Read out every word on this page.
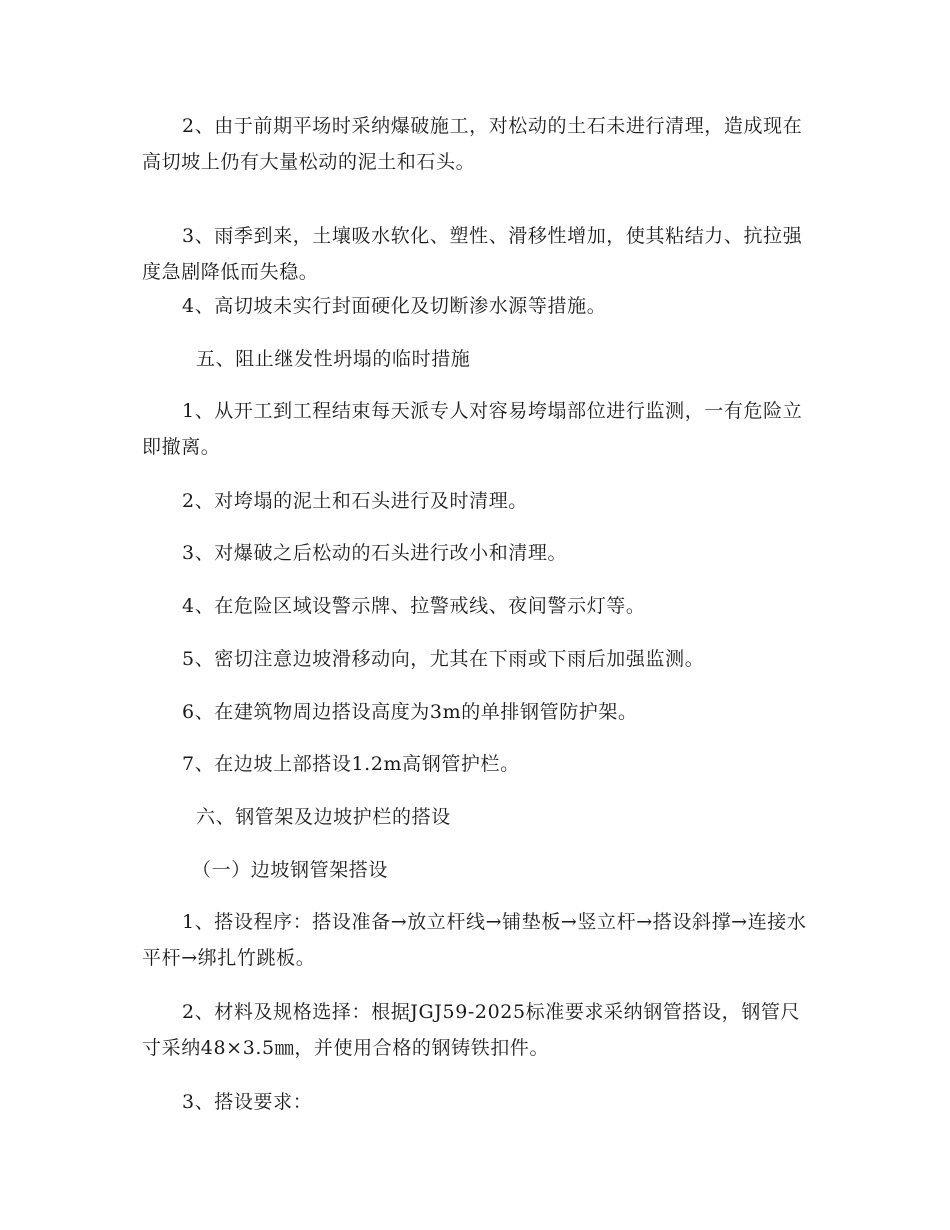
2、由于前期平场时采纳爆破施工，对松动的土石未进行清理，造成现在高切坡上仍有大量松动的泥土和石头。
3、雨季到来，土壤吸水软化、塑性、滑移性增加，使其粘结力、抗拉强度急剧降低而失稳。
4、高切坡未实行封面硬化及切断渗水源等措施。
五、阻止继发性坍塌的临时措施
1、从开工到工程结束每天派专人对容易垮塌部位进行监测，一有危险立即撤离。
2、对垮塌的泥土和石头进行及时清理。
3、对爆破之后松动的石头进行改小和清理。
4、在危险区域设警示牌、拉警戒线、夜间警示灯等。
5、密切注意边坡滑移动向，尤其在下雨或下雨后加强监测。
6、在建筑物周边搭设高度为3m的单排钢管防护架。
7、在边坡上部搭设1.2m高钢管护栏。
六、钢管架及边坡护栏的搭设
（一）边坡钢管架搭设
1、搭设程序：搭设准备→放立杆线→铺垫板→竖立杆→搭设斜撑→连接水平杆→绑扎竹跳板。
2、材料及规格选择：根据JGJ59-2025标准要求采纳钢管搭设，钢管尺寸采纳48×3.5㎜，并使用合格的钢铸铁扣件。
3、搭设要求：
